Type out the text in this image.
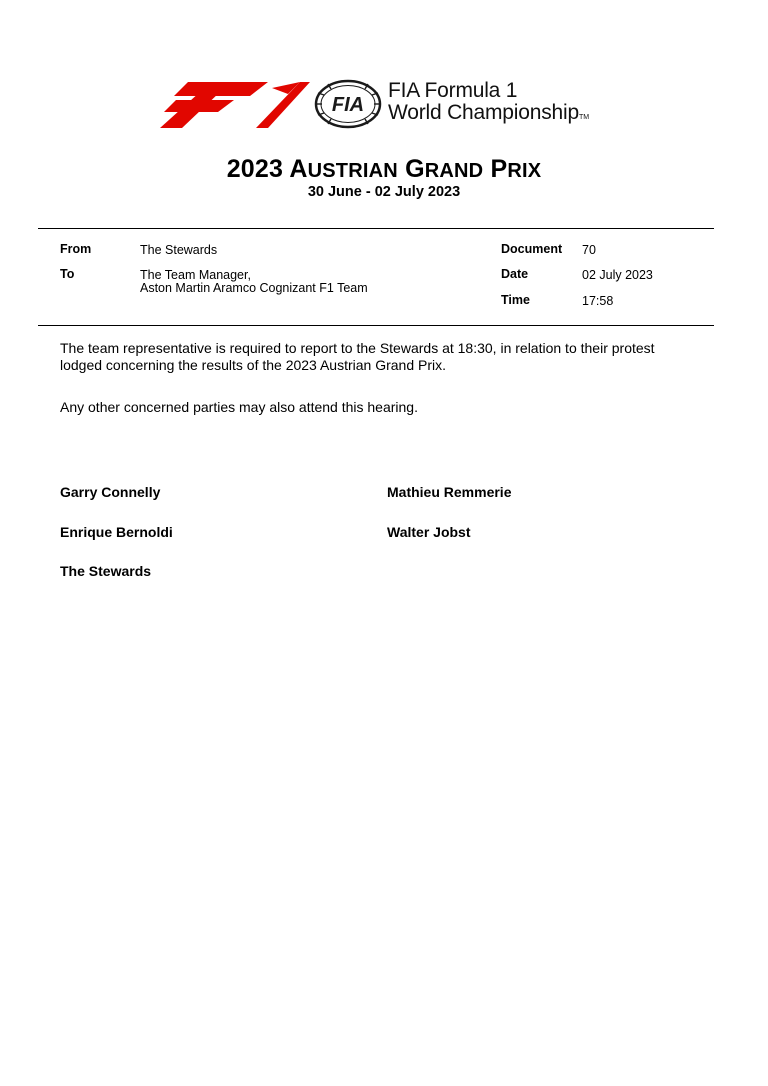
FIA
FIA Formula 1
World ChampionshipTM
2023 AUSTRIAN GRAND PRIX
30 June - 02 July 2023
From	The Stewards
To	The Team Manager,
Aston Martin Aramco Cognizant F1 Team
Document 70
Date	02 July 2023
Time	17:58
The team representative is required to report to the Stewards at 18:30, in relation to their protest
lodged concerning the results of the 2023 Austrian Grand Prix.
Any other concerned parties may also attend this hearing.
Garry Connelly	Mathieu Remmerie
Enrique Bernoldi	Walter Jobst
The Stewards
